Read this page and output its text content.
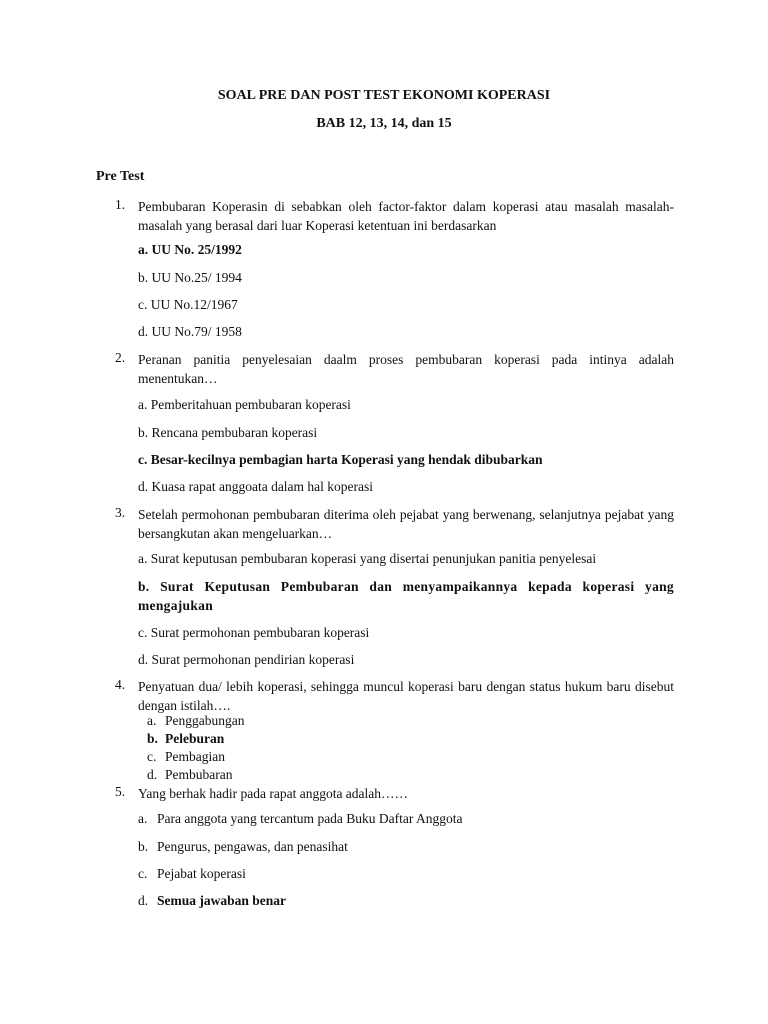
SOAL PRE DAN POST TEST EKONOMI KOPERASI
BAB 12, 13, 14, dan 15
Pre Test
1. Pembubaran Koperasin di sebabkan oleh factor-faktor dalam koperasi atau masalah masalah-masalah yang berasal dari luar Koperasi ketentuan ini berdasarkan
a. UU No. 25/1992
b. UU No.25/ 1994
c. UU No.12/1967
d. UU No.79/ 1958
2. Peranan panitia penyelesaian daalm proses pembubaran koperasi pada intinya adalah menentukan…
a. Pemberitahuan pembubaran koperasi
b. Rencana pembubaran koperasi
c. Besar-kecilnya pembagian harta Koperasi yang hendak dibubarkan
d. Kuasa rapat anggoata dalam hal koperasi
3. Setelah permohonan pembubaran diterima oleh pejabat yang berwenang, selanjutnya pejabat yang bersangkutan akan mengeluarkan…
a. Surat keputusan pembubaran koperasi yang disertai penunjukan panitia penyelesai
b. Surat Keputusan Pembubaran dan menyampaikannya kepada koperasi yang mengajukan
c. Surat permohonan pembubaran koperasi
d. Surat permohonan pendirian koperasi
4. Penyatuan dua/ lebih koperasi, sehingga muncul koperasi baru dengan status hukum baru disebut dengan istilah….
a. Penggabungan
b. Peleburan
c. Pembagian
d. Pembubaran
5. Yang berhak hadir pada rapat anggota adalah……
a. Para anggota yang tercantum pada Buku Daftar Anggota
b. Pengurus, pengawas, dan penasihat
c. Pejabat koperasi
d. Semua jawaban benar
